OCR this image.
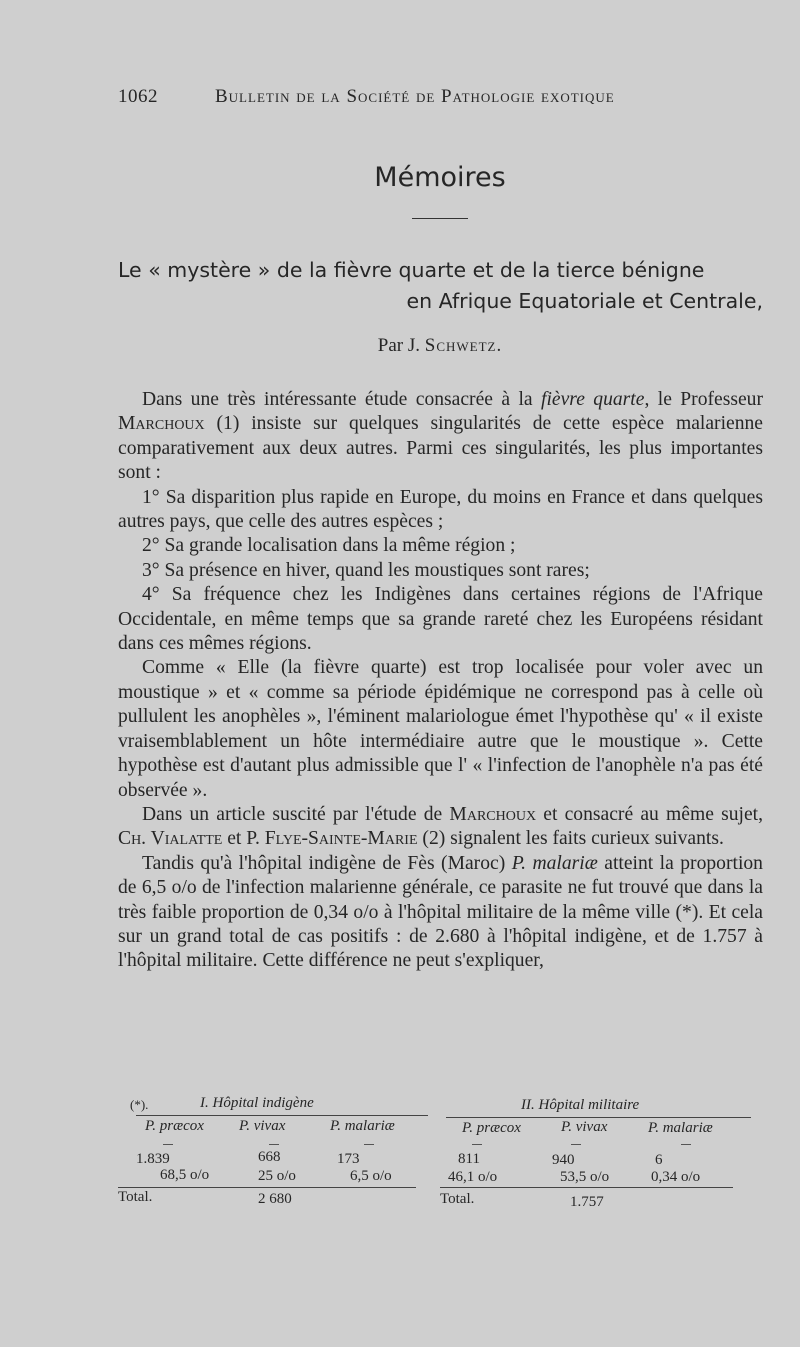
1062	Bulletin de la Société de Pathologie exotique
Mémoires
Le « mystère » de la fièvre quarte et de la tierce bénigne
en Afrique Equatoriale et Centrale,
Par J. Schwetz.

Dans une très intéressante étude consacrée à la fièvre quarte, le Professeur Marchoux (1) insiste sur quelques singularités de cette espèce malarienne comparativement aux deux autres. Parmi ces singularités, les plus importantes sont :

1° Sa disparition plus rapide en Europe, du moins en France et dans quelques autres pays, que celle des autres espèces ;

2° Sa grande localisation dans la même région ;

3° Sa présence en hiver, quand les moustiques sont rares;

4° Sa fréquence chez les Indigènes dans certaines régions de l'Afrique Occidentale, en même temps que sa grande rareté chez les Européens résidant dans ces mêmes régions.

Comme « Elle (la fièvre quarte) est trop localisée pour voler avec un moustique » et « comme sa période épidémique ne correspond pas à celle où pullulent les anophèles », l'éminent malariologue émet l'hypothèse qu' « il existe vraisemblablement un hôte intermédiaire autre que le moustique ». Cette hypothèse est d'autant plus admissible que l' « l'infection de l'anophèle n'a pas été observée ».

Dans un article suscité par l'étude de Marchoux et consacré au même sujet, Ch. Vialatte et P. Flye-Sainte-Marie (2) signalent les faits curieux suivants.

Tandis qu'à l'hôpital indigène de Fès (Maroc) P. malariæ atteint la proportion de 6,5 o/o de l'infection malarienne générale, ce parasite ne fut trouvé que dans la très faible proportion de 0,34 o/o à l'hôpital militaire de la même ville (*). Et cela sur un grand total de cas positifs : de 2.680 à l'hôpital indigène, et de 1.757 à l'hôpital militaire. Cette différence ne peut s'expliquer,

(*).	I. Hôpital indigène
P. præcox P. vivax	P. malariæ
1.839	668	173
68,5 o/o	25 o/o	6,5 o/o
Total.	2 680
II. Hôpital militaire
P. præcox	P. vivax	P. malariæ
811	940	6
46,1 o/o	53,5 o/o	0,34 o/o
Total.	1.757
